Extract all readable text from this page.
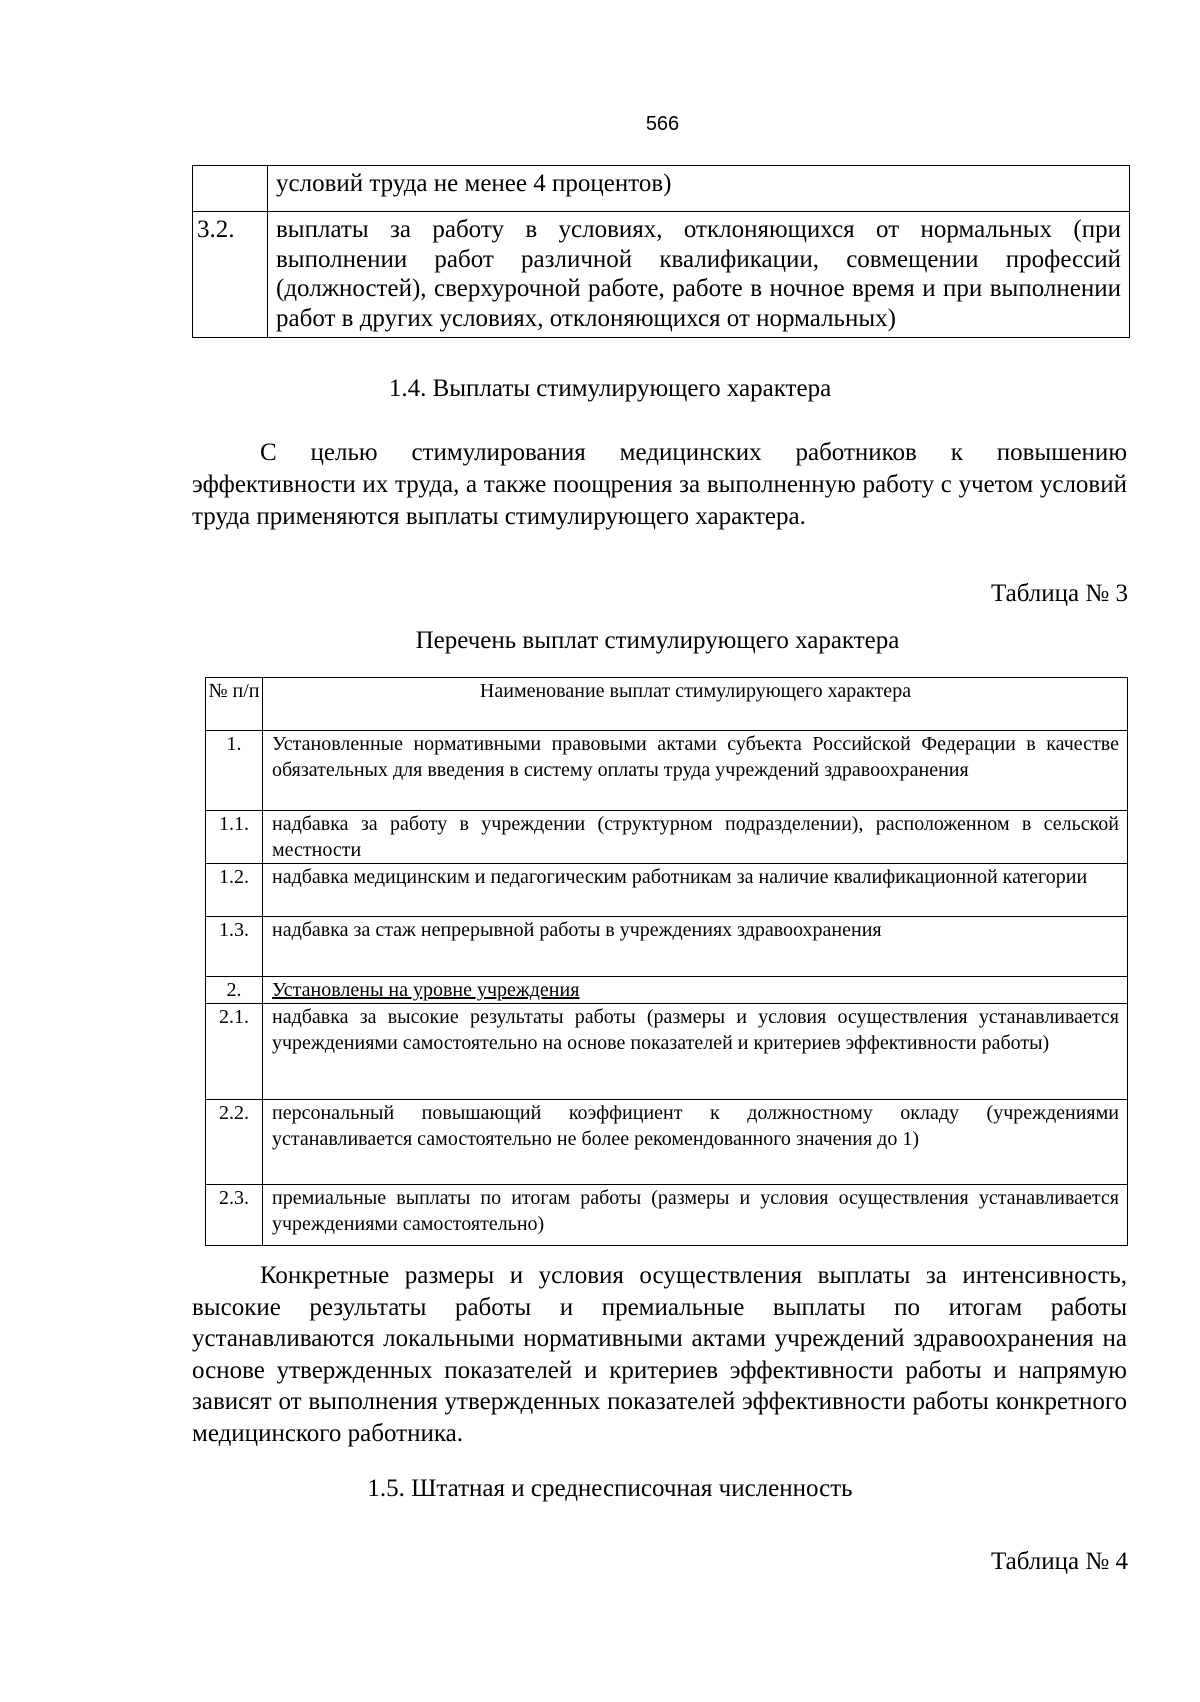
566
	условий труда не менее 4 процентов)
3.2.	выплаты за работу в условиях, отклоняющихся от нормальных (при выполнении работ различной квалификации, совмещении профессий (должностей), сверхурочной работе, работе в ночное время и при выполнении работ в других условиях, отклоняющихся от нормальных)
1.4. Выплаты стимулирующего характера
С целью стимулирования медицинских работников к повышению эффективности их труда, а также поощрения за выполненную работу с учетом условий труда применяются выплаты стимулирующего характера.
Таблица № 3
Перечень выплат стимулирующего характера
№ п/п	Наименование выплат стимулирующего характера
1.	Установленные нормативными правовыми актами субъекта Российской Федерации в качестве обязательных для введения в систему оплаты труда учреждений здравоохранения
1.1.	надбавка за работу в учреждении (структурном подразделении), расположенном в сельской местности
1.2.	надбавка медицинским и педагогическим работникам за наличие квалификационной категории
1.3.	надбавка за стаж непрерывной работы в учреждениях здравоохранения
2.	Установлены на уровне учреждения
2.1.	надбавка за высокие результаты работы (размеры и условия осуществления устанавливается учреждениями самостоятельно на основе показателей и критериев эффективности работы)
2.2.	персональный повышающий коэффициент к должностному окладу (учреждениями устанавливается самостоятельно не более рекомендованного значения до 1)
2.3.	премиальные выплаты по итогам работы (размеры и условия осуществления устанавливается учреждениями самостоятельно)
Конкретные размеры и условия осуществления выплаты за интенсивность, высокие результаты работы и премиальные выплаты по итогам работы устанавливаются локальными нормативными актами учреждений здравоохранения на основе утвержденных показателей и критериев эффективности работы и напрямую зависят от выполнения утвержденных показателей эффективности работы конкретного медицинского работника.
1.5. Штатная и среднесписочная численность
Таблица № 4
